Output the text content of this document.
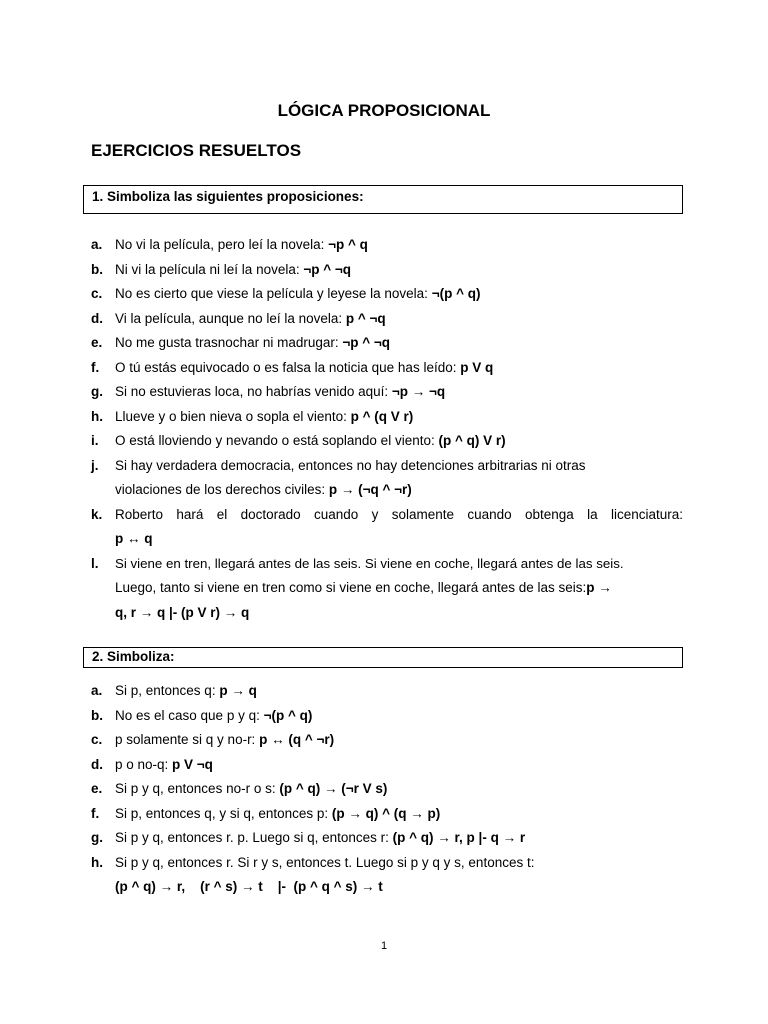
LÓGICA PROPOSICIONAL
EJERCICIOS RESUELTOS
1. Simboliza las siguientes proposiciones:
a. No vi la película, pero leí la novela: ¬p ^ q
b. Ni vi la película ni leí la novela: ¬p ^ ¬q
c. No es cierto que viese la película y leyese la novela: ¬(p ^ q)
d. Vi la película, aunque no leí la novela: p ^ ¬q
e. No me gusta trasnochar ni madrugar: ¬p ^ ¬q
f.	O tú estás equivocado o es falsa la noticia que has leído: p V q
g. Si no estuvieras loca, no habrías venido aquí: ¬p → ¬q
h. Llueve y o bien nieva o sopla el viento: p ^ (q V r)
i.	O está lloviendo y nevando o está soplando el viento: (p ^ q) V r)
j.	Si hay verdadera democracia, entonces no hay detenciones arbitrarias ni otras
violaciones de los derechos civiles: p → (¬q ^ ¬r)
k. Roberto hará el doctorado cuando y solamente cuando obtenga la licenciatura:
p ↔ q
l.	Si viene en tren, llegará antes de las seis. Si viene en coche, llegará antes de las seis.
Luego, tanto si viene en tren como si viene en coche, llegará antes de las seis:p →
q, r → q |- (p V r) → q
2. Simboliza:
a. Si p, entonces q: p → q
b. No es el caso que p y q: ¬(p ^ q)
c. p solamente si q y no-r: p ↔ (q ^ ¬r)
d. p o no-q: p V ¬q
e. Si p y q, entonces no-r o s: (p ^ q) → (¬r V s)
f.	Si p, entonces q, y si q, entonces p: (p → q) ^ (q → p)
g. Si p y q, entonces r. p. Luego si q, entonces r: (p ^ q) → r, p |- q → r
h. Si p y q, entonces r. Si r y s, entonces t. Luego si p y q y s, entonces t:
(p ^ q) → r,    (r ^ s) → t    |-  (p ^ q ^ s) → t
1
